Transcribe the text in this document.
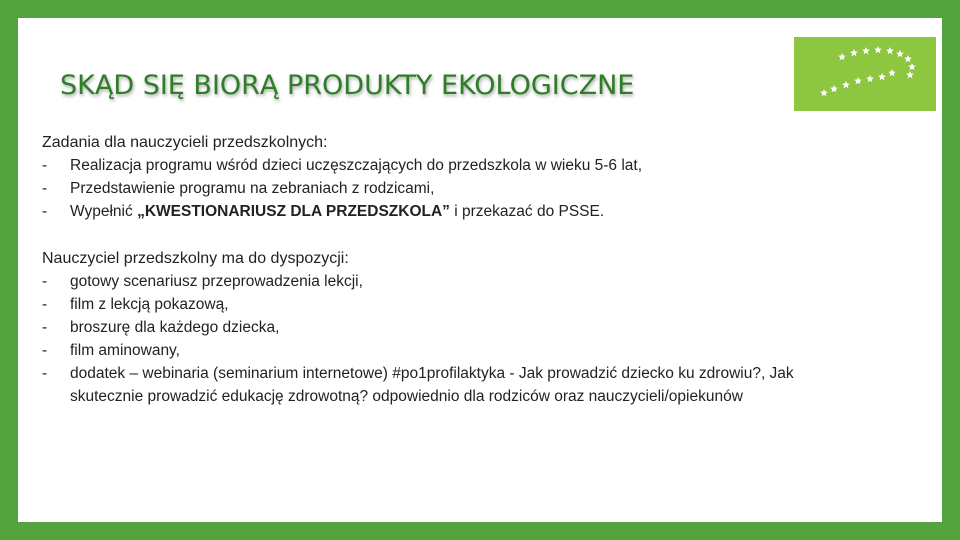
SKĄD SIĘ BIORĄ PRODUKTY EKOLOGICZNE

Zadania dla nauczycieli przedszkolnych:

- Realizacja programu wśród dzieci uczęszczających do przedszkola w wieku 5-6 lat,
- Przedstawienie programu na zebraniach z rodzicami,
- Wypełnić „KWESTIONARIUSZ DLA PRZEDSZKOLA” i przekazać do PSSE.

Nauczyciel przedszkolny ma do dyspozycji:

- gotowy scenariusz przeprowadzenia lekcji,
- film z lekcją pokazową,
- broszurę dla każdego dziecka,
- film aminowany,
- dodatek – webinaria (seminarium internetowe) #po1profilaktyka - Jak prowadzić dziecko ku zdrowiu?, Jak skutecznie prowadzić edukację zdrowotną? odpowiednio dla rodziców oraz nauczycieli/opiekunów
